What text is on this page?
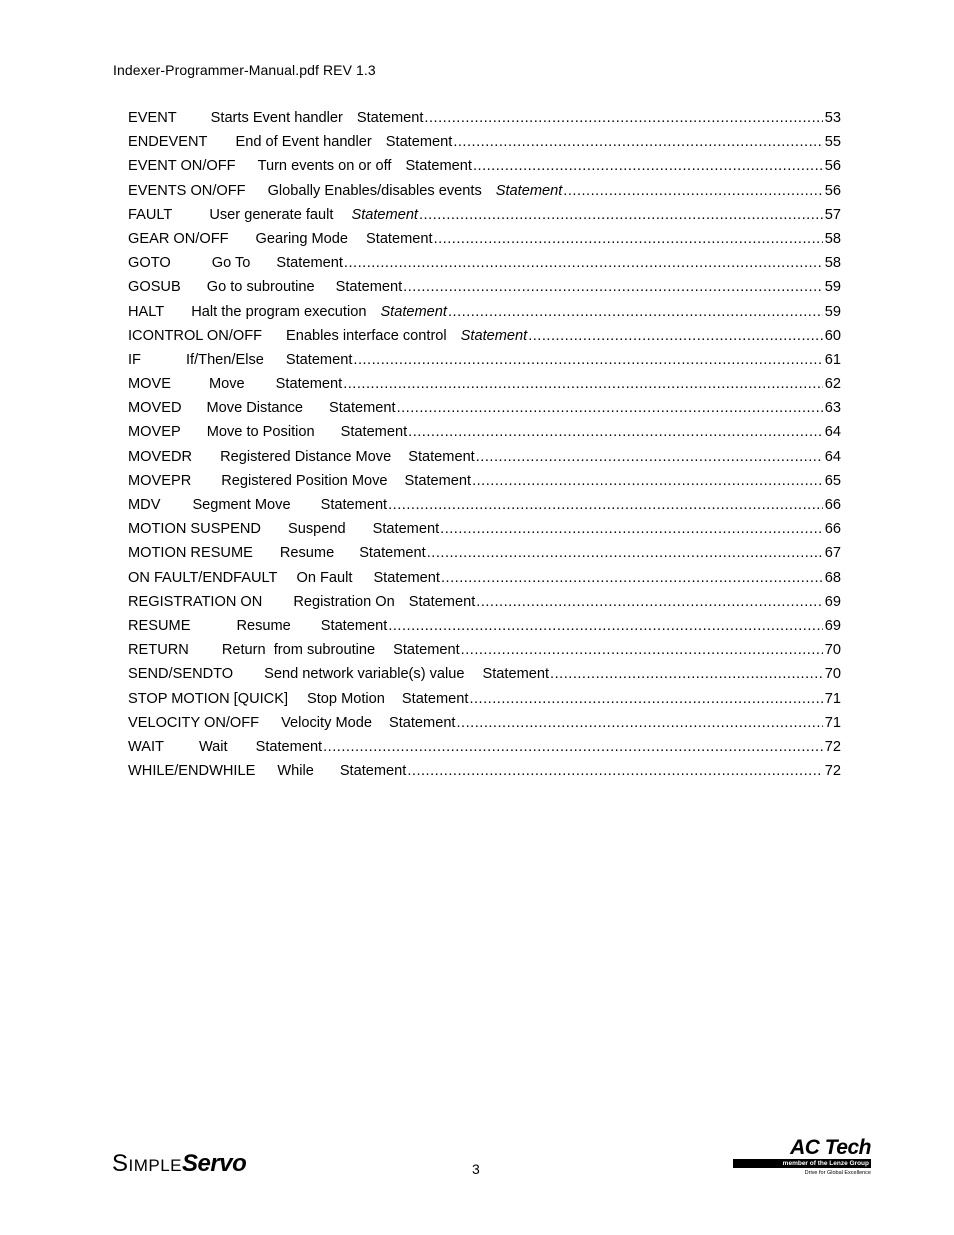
Indexer-Programmer-Manual.pdf REV 1.3
EVENT Starts Event handler Statement .....	53
ENDEVENT End of Event handler Statement .....	55
EVENT ON/OFF Turn events on or off Statement .....	56
EVENTS ON/OFF Globally Enables/disables events Statement .....	56
FAULT	User generate fault Statement .....	57
GEAR ON/OFF Gearing Mode Statement .....	58
GOTO	Go To Statement .....	58
GOSUB Go to subroutine Statement .....	59
HALT Halt the program execution Statement .....	59
ICONTROL ON/OFF Enables interface control Statement .....	60
IF	If/Then/Else Statement .....	61
MOVE	Move Statement .....	62
MOVED Move Distance Statement .....	63
MOVEP Move to Position Statement .....	64
MOVEDR Registered Distance Move Statement .....	64
MOVEPR Registered Position Move Statement .....	65
MDV Segment Move Statement .....	66
MOTION SUSPEND Suspend Statement .....	66
MOTION RESUME Resume Statement .....	67
ON FAULT/ENDFAULT On Fault Statement .....	68
REGISTRATION ON Registration On Statement .....	69
RESUME	Resume Statement .....	69
RETURN Return  from subroutine Statement .....	70
SEND/SENDTO Send network variable(s) value Statement .....	70
STOP MOTION [QUICK] Stop Motion Statement .....	71
VELOCITY ON/OFF Velocity Mode Statement .....	71
WAIT Wait Statement .....	72
WHILE/ENDWHILE While Statement .....	72
SimpleServo	3
AC Tech
member of the Lenze Group
Drive for Global Excellence
